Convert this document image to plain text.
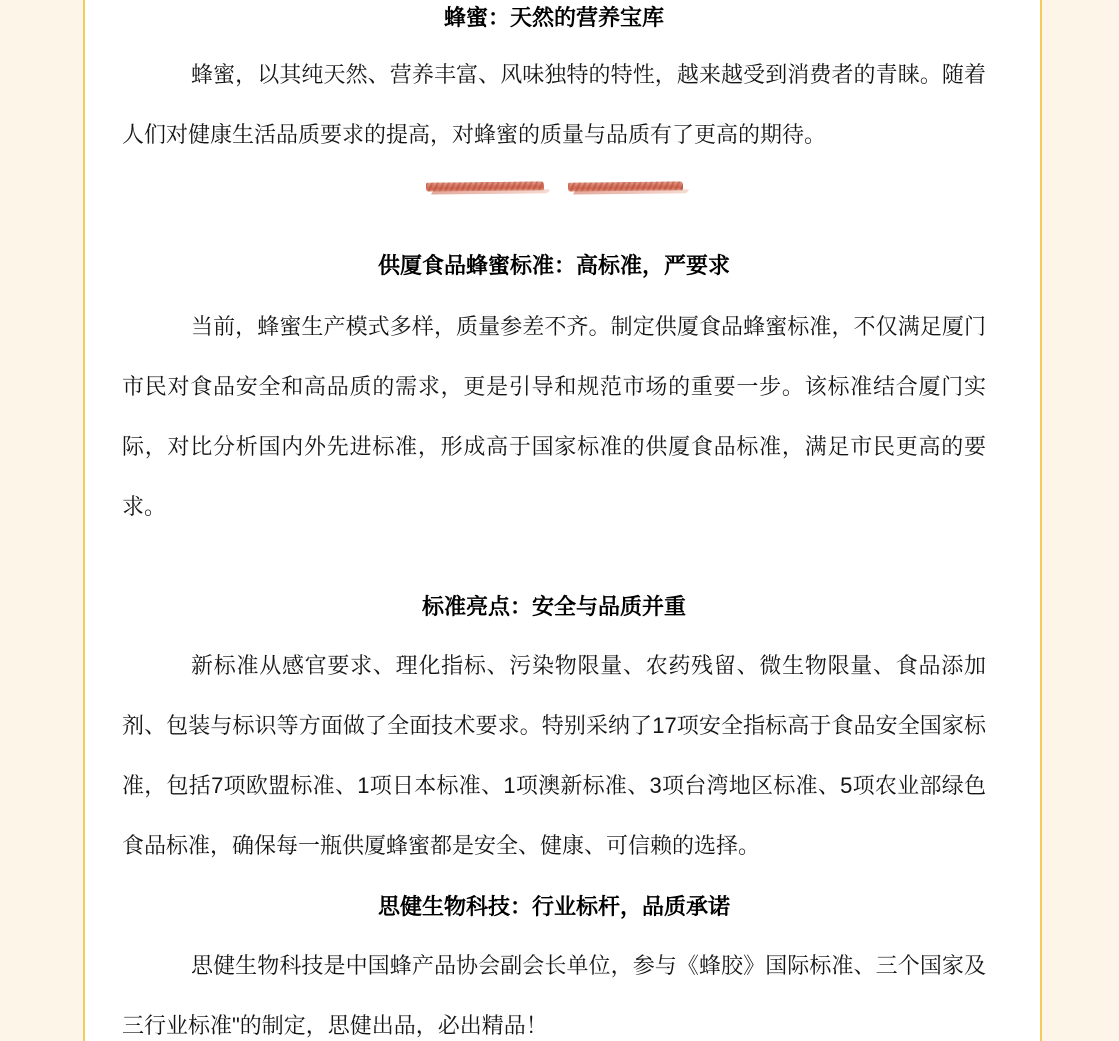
蜂蜜：天然的营养宝库

蜂蜜，以其纯天然、营养丰富、风味独特的特性，越来越受到消费者的青睐。随着人们对健康生活品质要求的提高，对蜂蜜的质量与品质有了更高的期待。

供厦食品蜂蜜标准：高标准，严要求

当前，蜂蜜生产模式多样，质量参差不齐。制定供厦食品蜂蜜标准，不仅满足厦门市民对食品安全和高品质的需求，更是引导和规范市场的重要一步。该标准结合厦门实际，对比分析国内外先进标准，形成高于国家标准的供厦食品标准，满足市民更高的要求。

标准亮点：安全与品质并重

新标准从感官要求、理化指标、污染物限量、农药残留、微生物限量、食品添加剂、包装与标识等方面做了全面技术要求。特别采纳了17项安全指标高于食品安全国家标准，包括7项欧盟标准、1项日本标准、1项澳新标准、3项台湾地区标准、5项农业部绿色食品标准，确保每一瓶供厦蜂蜜都是安全、健康、可信赖的选择。

思健生物科技：行业标杆，品质承诺

思健生物科技是中国蜂产品协会副会长单位，参与《蜂胶》国际标准、三个国家及三行业标准"的制定，思健出品，必出精品！
